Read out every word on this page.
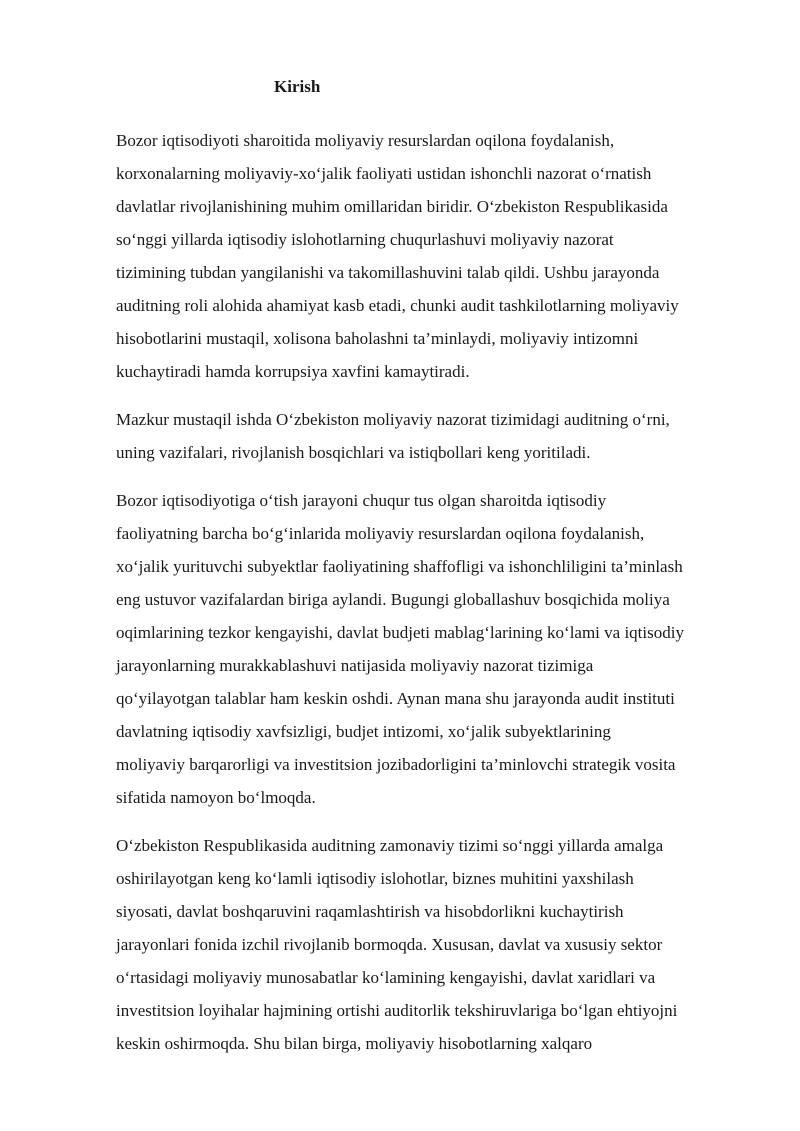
Kirish

Bozor iqtisodiyoti sharoitida moliyaviy resurslardan oqilona foydalanish,
korxonalarning moliyaviy-xo‘jalik faoliyati ustidan ishonchli nazorat o‘rnatish
davlatlar rivojlanishining muhim omillaridan biridir. O‘zbekiston Respublikasida
so‘nggi yillarda iqtisodiy islohotlarning chuqurlashuvi moliyaviy nazorat
tizimining tubdan yangilanishi va takomillashuvini talab qildi. Ushbu jarayonda
auditning roli alohida ahamiyat kasb etadi, chunki audit tashkilotlarning moliyaviy
hisobotlarini mustaqil, xolisona baholashni ta’minlaydi, moliyaviy intizomni
kuchaytiradi hamda korrupsiya xavfini kamaytiradi.

Mazkur mustaqil ishda O‘zbekiston moliyaviy nazorat tizimidagi auditning o‘rni,
uning vazifalari, rivojlanish bosqichlari va istiqbollari keng yoritiladi.

Bozor iqtisodiyotiga o‘tish jarayoni chuqur tus olgan sharoitda iqtisodiy
faoliyatning barcha bo‘g‘inlarida moliyaviy resurslardan oqilona foydalanish,
xo‘jalik yurituvchi subyektlar faoliyatining shaffofligi va ishonchliligini ta’minlash
eng ustuvor vazifalardan biriga aylandi. Bugungi globallashuv bosqichida moliya
oqimlarining tezkor kengayishi, davlat budjeti mablag‘larining ko‘lami va iqtisodiy
jarayonlarning murakkablashuvi natijasida moliyaviy nazorat tizimiga
qo‘yilayotgan talablar ham keskin oshdi. Aynan mana shu jarayonda audit instituti
davlatning iqtisodiy xavfsizligi, budjet intizomi, xo‘jalik subyektlarining
moliyaviy barqarorligi va investitsion jozibadorligini ta’minlovchi strategik vosita
sifatida namoyon bo‘lmoqda.

O‘zbekiston Respublikasida auditning zamonaviy tizimi so‘nggi yillarda amalga
oshirilayotgan keng ko‘lamli iqtisodiy islohotlar, biznes muhitini yaxshilash
siyosati, davlat boshqaruvini raqamlashtirish va hisobdorlikni kuchaytirish
jarayonlari fonida izchil rivojlanib bormoqda. Xususan, davlat va xususiy sektor
o‘rtasidagi moliyaviy munosabatlar ko‘lamining kengayishi, davlat xaridlari va
investitsion loyihalar hajmining ortishi auditorlik tekshiruvlariga bo‘lgan ehtiyojni
keskin oshirmoqda. Shu bilan birga, moliyaviy hisobotlarning xalqaro
